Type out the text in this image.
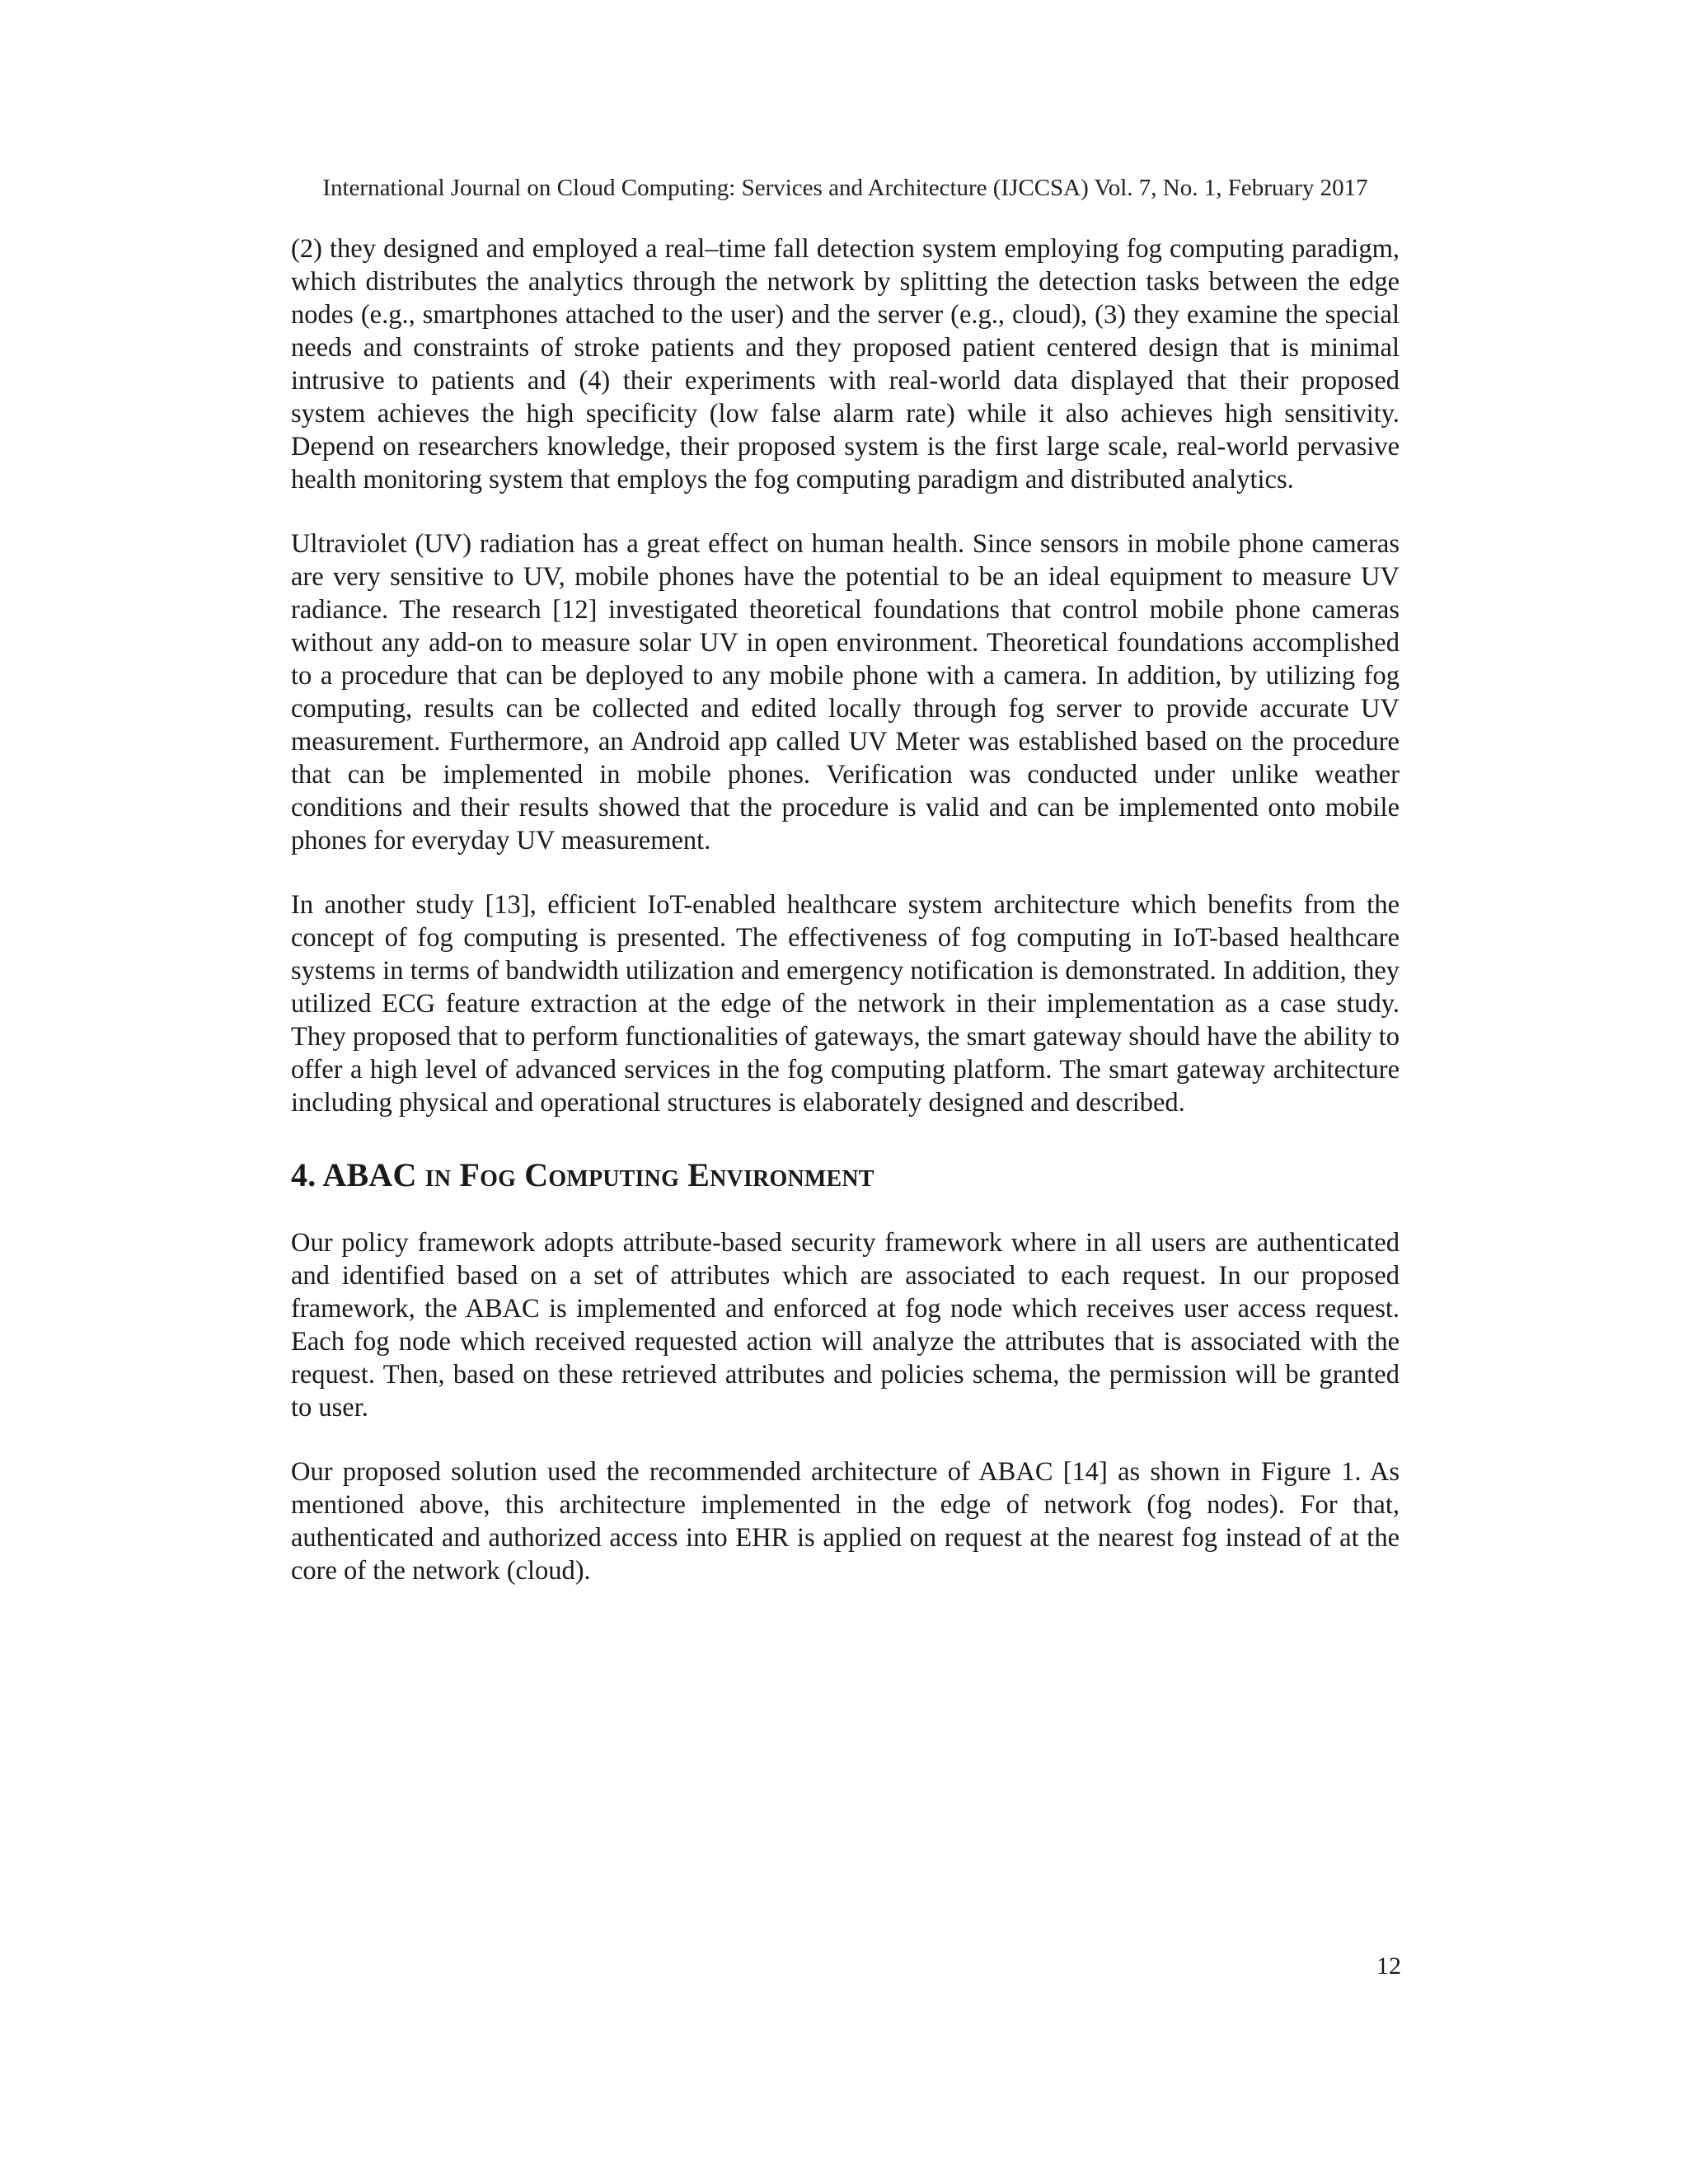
International Journal on Cloud Computing: Services and Architecture (IJCCSA) Vol. 7, No. 1, February 2017

(2) they designed and employed a real–time fall detection system employing fog computing paradigm, which distributes the analytics through the network by splitting the detection tasks between the edge nodes (e.g., smartphones attached to the user) and the server (e.g., cloud), (3) they examine the special needs and constraints of stroke patients and they proposed patient centered design that is minimal intrusive to patients and (4) their experiments with real-world data displayed that their proposed system achieves the high specificity (low false alarm rate) while it also achieves high sensitivity. Depend on researchers knowledge, their proposed system is the first large scale, real-world pervasive health monitoring system that employs the fog computing paradigm and distributed analytics.

Ultraviolet (UV) radiation has a great effect on human health. Since sensors in mobile phone cameras are very sensitive to UV, mobile phones have the potential to be an ideal equipment to measure UV radiance. The research [12] investigated theoretical foundations that control mobile phone cameras without any add-on to measure solar UV in open environment. Theoretical foundations accomplished to a procedure that can be deployed to any mobile phone with a camera. In addition, by utilizing fog computing, results can be collected and edited locally through fog server to provide accurate UV measurement. Furthermore, an Android app called UV Meter was established based on the procedure that can be implemented in mobile phones. Verification was conducted under unlike weather conditions and their results showed that the procedure is valid and can be implemented onto mobile phones for everyday UV measurement.

In another study [13], efficient IoT-enabled healthcare system architecture which benefits from the concept of fog computing is presented. The effectiveness of fog computing in IoT-based healthcare systems in terms of bandwidth utilization and emergency notification is demonstrated. In addition, they utilized ECG feature extraction at the edge of the network in their implementation as a case study. They proposed that to perform functionalities of gateways, the smart gateway should have the ability to offer a high level of advanced services in the fog computing platform. The smart gateway architecture including physical and operational structures is elaborately designed and described.

4. ABAC in Fog Computing Environment

Our policy framework adopts attribute-based security framework where in all users are authenticated and identified based on a set of attributes which are associated to each request. In our proposed framework, the ABAC is implemented and enforced at fog node which receives user access request. Each fog node which received requested action will analyze the attributes that is associated with the request. Then, based on these retrieved attributes and policies schema, the permission will be granted to user.

Our proposed solution used the recommended architecture of ABAC [14] as shown in Figure 1. As mentioned above, this architecture implemented in the edge of network (fog nodes). For that, authenticated and authorized access into EHR is applied on request at the nearest fog instead of at the core of the network (cloud).

12
